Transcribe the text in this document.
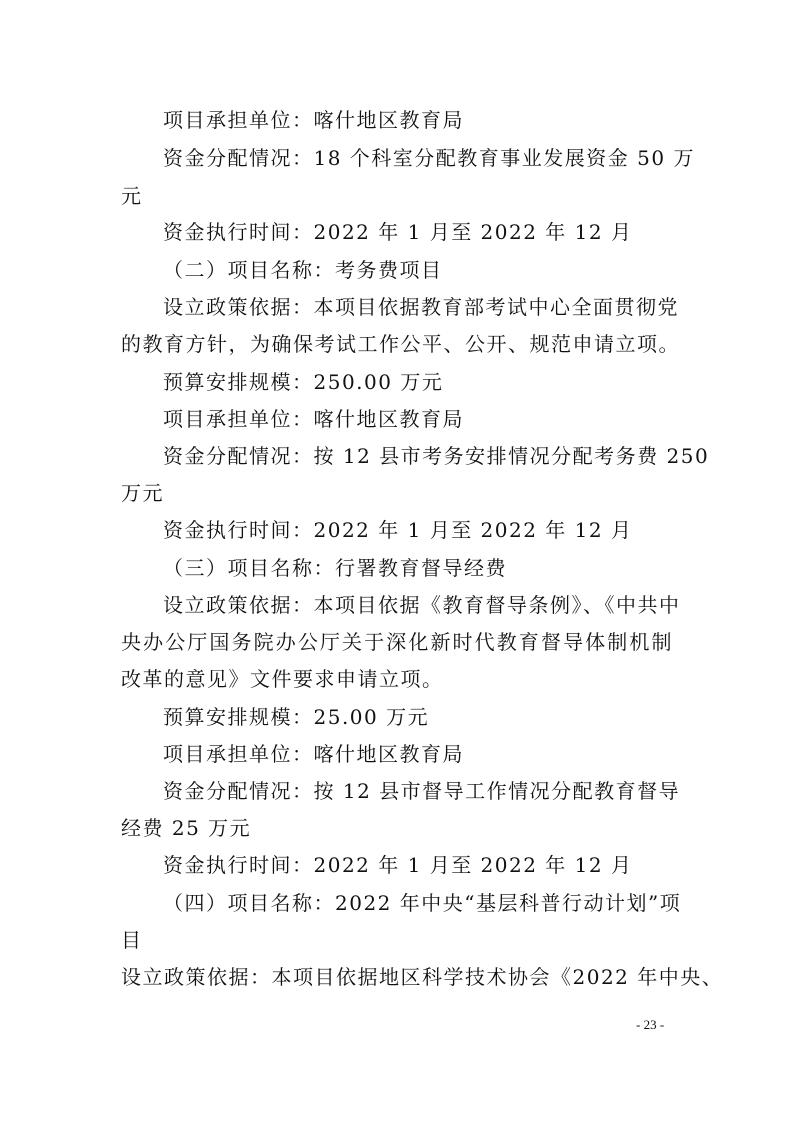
项目承担单位：喀什地区教育局
资金分配情况：18 个科室分配教育事业发展资金 50 万
元
资金执行时间：2022 年 1 月至 2022 年 12 月
（二）项目名称：考务费项目
设立政策依据：本项目依据教育部考试中心全面贯彻党
的教育方针，为确保考试工作公平、公开、规范申请立项。
预算安排规模：250.00 万元
项目承担单位：喀什地区教育局
资金分配情况：按 12 县市考务安排情况分配考务费 250
万元
资金执行时间：2022 年 1 月至 2022 年 12 月
（三）项目名称：行署教育督导经费
设立政策依据：本项目依据《教育督导条例》、《中共中
央办公厅国务院办公厅关于深化新时代教育督导体制机制
改革的意见》文件要求申请立项。
预算安排规模：25.00 万元
项目承担单位：喀什地区教育局
资金分配情况：按 12 县市督导工作情况分配教育督导
经费 25 万元
资金执行时间：2022 年 1 月至 2022 年 12 月
（四）项目名称：2022 年中央“基层科普行动计划”项
目
设立政策依据：本项目依据地区科学技术协会《2022 年中央、
- 23 -
